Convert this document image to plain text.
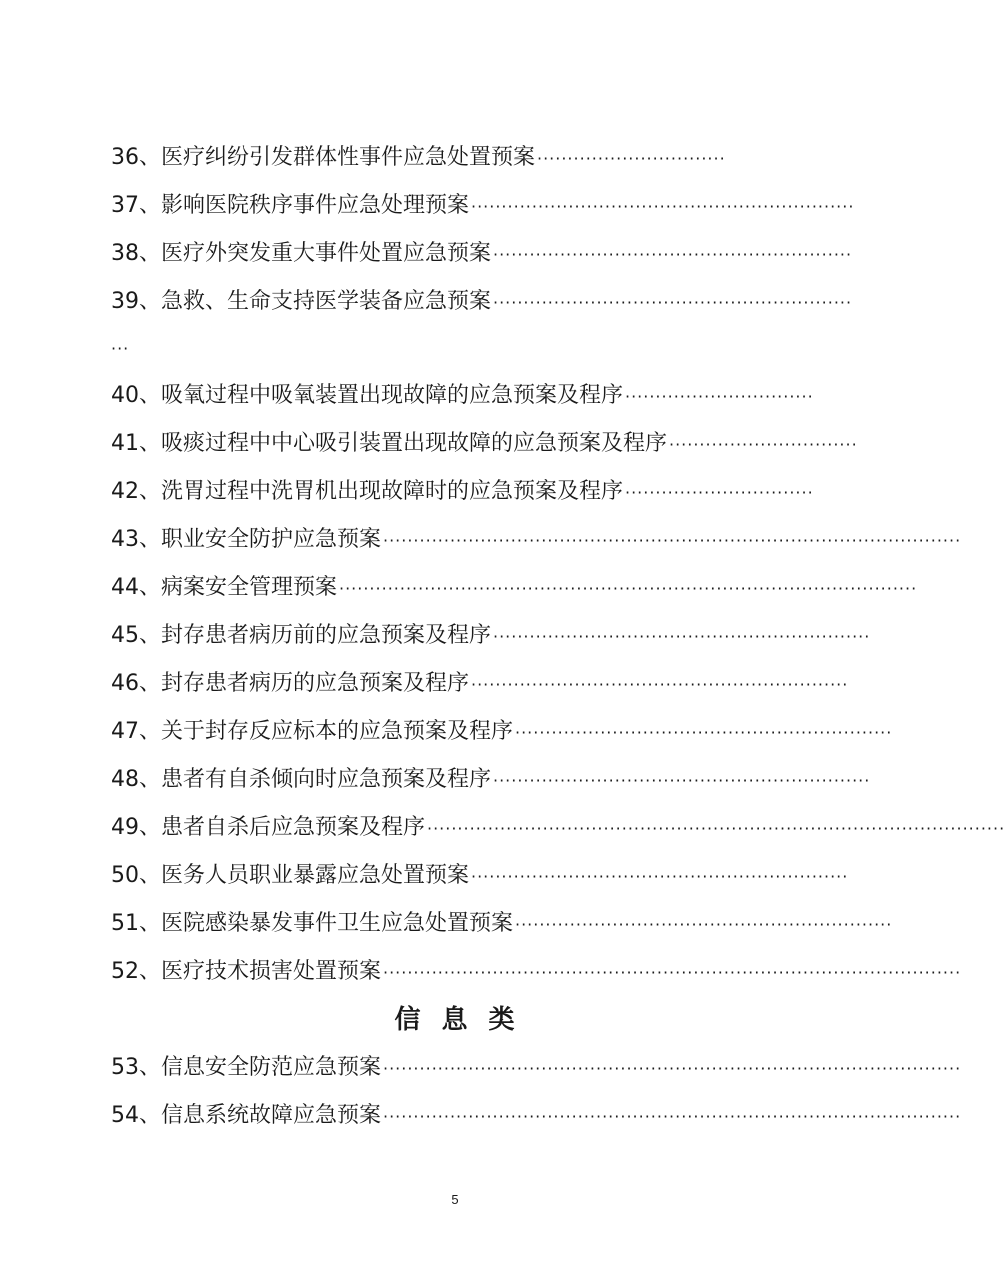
36、医疗纠纷引发群体性事件应急处置预案 ·······························
37、影响医院秩序事件应急处理预案 ·······························································
38、医疗外突发重大事件处置应急预案 ···························································
39、急救、生命支持医学装备应急预案 ···························································
···
40、吸氧过程中吸氧装置出现故障的应急预案及程序 ·······························
41、吸痰过程中中心吸引装置出现故障的应急预案及程序 ·······························
42、洗胃过程中洗胃机出现故障时的应急预案及程序 ·······························
43、职业安全防护应急预案 ·······························································································
44、病案安全管理预案 ·······························································································
45、封存患者病历前的应急预案及程序 ······························································
46、封存患者病历的应急预案及程序 ······························································
47、关于封存反应标本的应急预案及程序 ······························································
48、患者有自杀倾向时应急预案及程序 ······························································
49、患者自杀后应急预案及程序 ·······························································································
50、医务人员职业暴露应急处置预案 ······························································
51、医院感染暴发事件卫生应急处置预案 ······························································
52、医疗技术损害处置预案 ·······························································································
信 息 类
53、信息安全防范应急预案 ·······························································································
54、信息系统故障应急预案 ·······························································································
5
